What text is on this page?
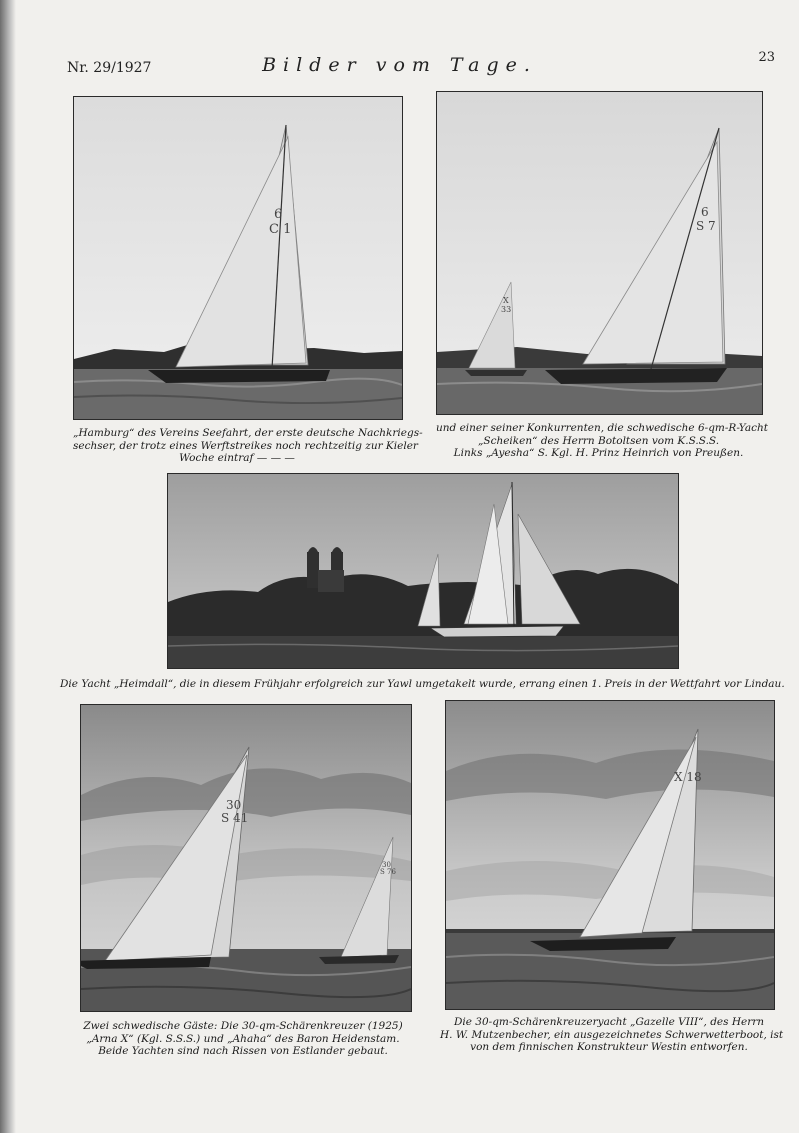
Nr. 29/1927	Bilder vom Tage.	23
6
C 1
„Hamburg“ des Vereins Seefahrt, der erste deutsche Nachkriegs-
sechser, der trotz eines Werftstreikes noch rechtzeitig zur Kieler
Woche eintraf — — —
6
S 7
X
33
und einer seiner Konkurrenten, die schwedische 6-qm-R-Yacht
„Scheiken“ des Herrn Botoltsen vom K.S.S.S.
Links „Ayesha“ S. Kgl. H. Prinz Heinrich von Preußen.
Die Yacht „Heimdall“, die in diesem Frühjahr erfolgreich zur Yawl umgetakelt wurde, errang einen 1. Preis in der Wettfahrt vor Lindau.
30
S 41
30
S 76
Zwei schwedische Gäste: Die 30-qm-Schärenkreuzer (1925)
„Arna X“ (Kgl. S.S.S.) und „Ahaha“ des Baron Heidenstam.
Beide Yachten sind nach Rissen von Estlander gebaut.
X 18
Die 30-qm-Schärenkreuzeryacht „Gazelle VIII“, des Herrn
H. W. Mutzenbecher, ein ausgezeichnetes Schwerwetterboot, ist
von dem finnischen Konstrukteur Westin entworfen.
